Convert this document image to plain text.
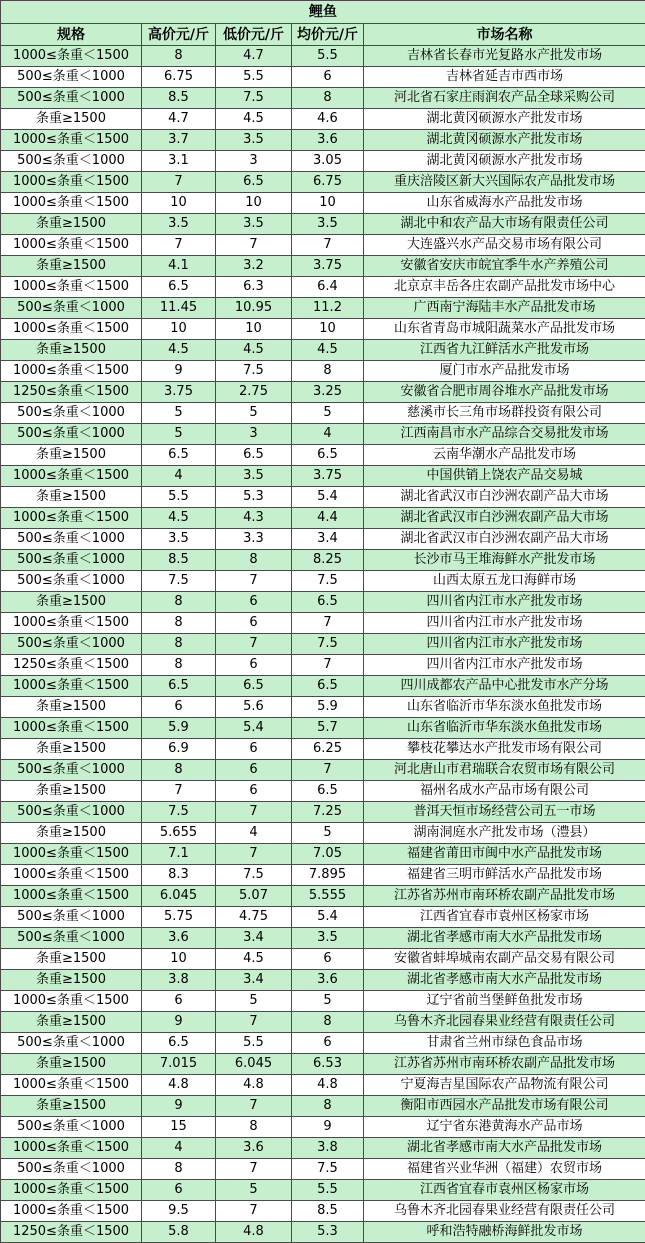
鲤鱼				
规格	高价元/斤	低价元/斤	均价元/斤	市场名称
1000≤条重＜1500	8	4.7	5.5	吉林省长春市光复路水产批发市场
500≤条重＜1000	6.75	5.5	6	吉林省延吉市西市场
500≤条重＜1000	8.5	7.5	8	河北省石家庄雨润农产品全球采购公司
条重≥1500	4.7	4.5	4.6	湖北黄冈硕源水产批发市场
1000≤条重＜1500	3.7	3.5	3.6	湖北黄冈硕源水产批发市场
500≤条重＜1000	3.1	3	3.05	湖北黄冈硕源水产批发市场
1000≤条重＜1500	7	6.5	6.75	重庆涪陵区新大兴国际农产品批发市场
1000≤条重＜1500	10	10	10	山东省威海水产品批发市场
条重≥1500	3.5	3.5	3.5	湖北中和农产品大市场有限责任公司
1000≤条重＜1500	7	7	7	大连盛兴水产品交易市场有限公司
条重≥1500	4.1	3.2	3.75	安徽省安庆市皖宜季牛水产养殖公司
1000≤条重＜1500	6.5	6.3	6.4	北京京丰岳各庄农副产品批发市场中心
500≤条重＜1000	11.45	10.95	11.2	广西南宁海陆丰水产品批发市场
1000≤条重＜1500	10	10	10	山东省青岛市城阳蔬菜水产品批发市场
条重≥1500	4.5	4.5	4.5	江西省九江鲜活水产批发市场
1000≤条重＜1500	9	7.5	8	厦门市水产品批发市场
1250≤条重＜1500	3.75	2.75	3.25	安徽省合肥市周谷堆水产品批发市场
500≤条重＜1000	5	5	5	慈溪市长三角市场群投资有限公司
500≤条重＜1000	5	3	4	江西南昌市水产品综合交易批发市场
条重≥1500	6.5	6.5	6.5	云南华潮水产品批发市场
1000≤条重＜1500	4	3.5	3.75	中国供销上饶农产品交易城
条重≥1500	5.5	5.3	5.4	湖北省武汉市白沙洲农副产品大市场
1000≤条重＜1500	4.5	4.3	4.4	湖北省武汉市白沙洲农副产品大市场
500≤条重＜1000	3.5	3.3	3.4	湖北省武汉市白沙洲农副产品大市场
500≤条重＜1000	8.5	8	8.25	长沙市马王堆海鲜水产批发市场
500≤条重＜1000	7.5	7	7.5	山西太原五龙口海鲜市场
条重≥1500	8	6	6.5	四川省内江市水产批发市场
1000≤条重＜1500	8	6	7	四川省内江市水产批发市场
500≤条重＜1000	8	7	7.5	四川省内江市水产批发市场
1250≤条重＜1500	8	6	7	四川省内江市水产批发市场
1000≤条重＜1500	6.5	6.5	6.5	四川成都农产品中心批发市水产分场
条重≥1500	6	5.6	5.9	山东省临沂市华东淡水鱼批发市场
1000≤条重＜1500	5.9	5.4	5.7	山东省临沂市华东淡水鱼批发市场
条重≥1500	6.9	6	6.25	攀枝花攀达水产批发市场有限公司
500≤条重＜1000	8	6	7	河北唐山市君瑞联合农贸市场有限公司
条重≥1500	7	6	6.5	福州名成水产品市场有限公司
500≤条重＜1000	7.5	7	7.25	普洱天恒市场经营公司五一市场
条重≥1500	5.655	4	5	湖南洞庭水产批发市场（澧县）
1000≤条重＜1500	7.1	7	7.05	福建省莆田市闽中水产品批发市场
1000≤条重＜1500	8.3	7.5	7.895	福建省三明市鲜活水产品批发市场
1000≤条重＜1500	6.045	5.07	5.555	江苏省苏州市南环桥农副产品批发市场
500≤条重＜1000	5.75	4.75	5.4	江西省宜春市袁州区杨家市场
500≤条重＜1000	3.6	3.4	3.5	湖北省孝感市南大水产品批发市场
条重≥1500	10	4.5	6	安徽省蚌埠城南农副产品交易有限公司
条重≥1500	3.8	3.4	3.6	湖北省孝感市南大水产品批发市场
1000≤条重＜1500	6	5	5	辽宁省前当堡鲜鱼批发市场
条重≥1500	9	7	8	乌鲁木齐北园春果业经营有限责任公司
500≤条重＜1000	6.5	5.5	6	甘肃省兰州市绿色食品市场
条重≥1500	7.015	6.045	6.53	江苏省苏州市南环桥农副产品批发市场
1000≤条重＜1500	4.8	4.8	4.8	宁夏海吉星国际农产品物流有限公司
条重≥1500	9	7	8	衡阳市西园水产品批发市场有限公司
500≤条重＜1000	15	8	9	辽宁省东港黄海水产品市场
1000≤条重＜1500	4	3.6	3.8	湖北省孝感市南大水产品批发市场
500≤条重＜1000	8	7	7.5	福建省兴业华洲（福建）农贸市场
1000≤条重＜1500	6	5	5.5	江西省宜春市袁州区杨家市场
1000≤条重＜1500	9.5	7	8.5	乌鲁木齐北园春果业经营有限责任公司
1250≤条重＜1500	5.8	4.8	5.3	呼和浩特融桥海鲜批发市场
